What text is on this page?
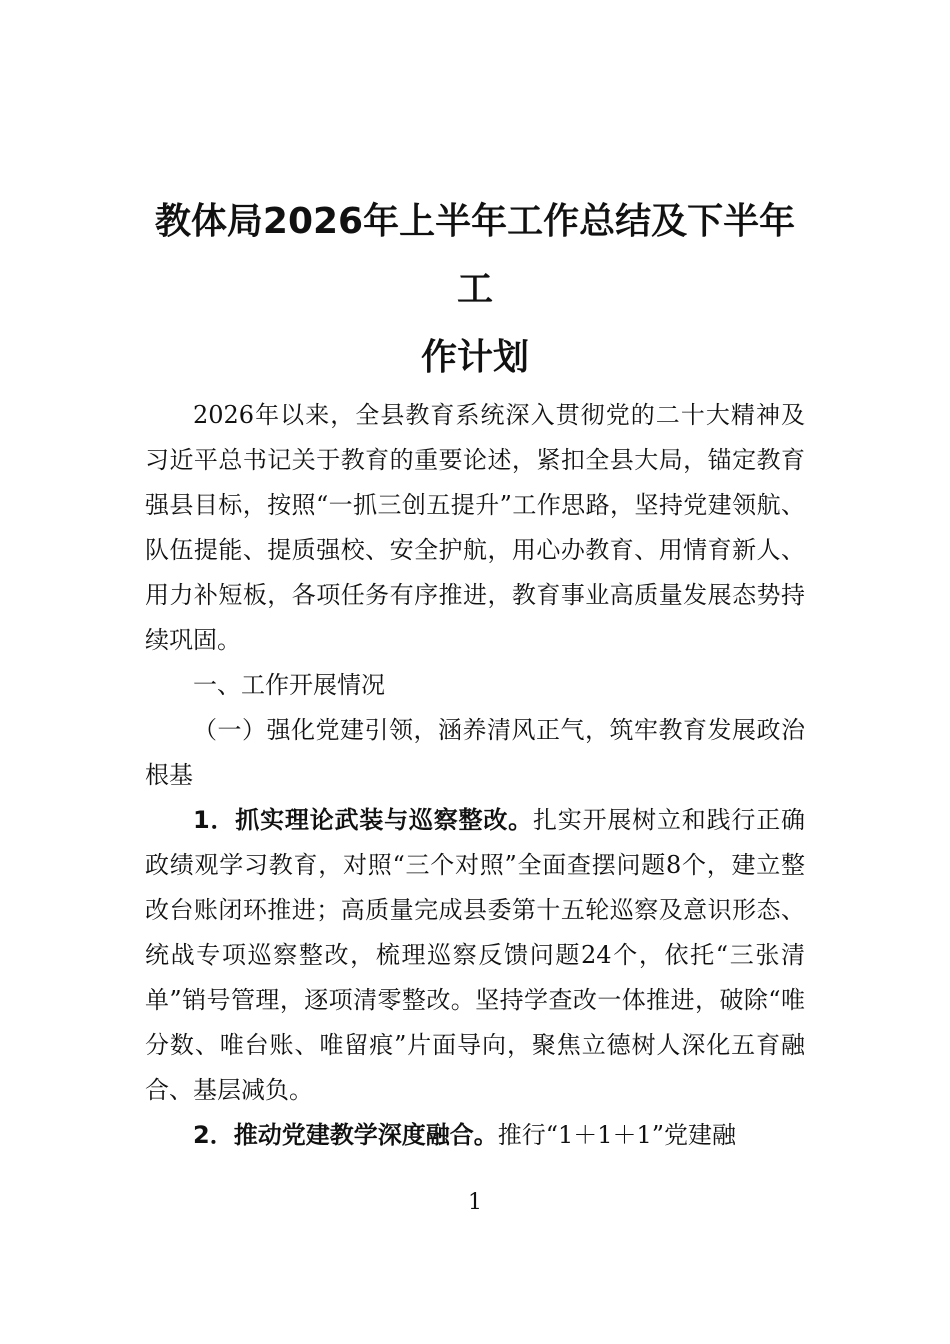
教体局2026年上半年工作总结及下半年工
作计划

2026年以来，全县教育系统深入贯彻党的二十大精神及习近平总书记关于教育的重要论述，紧扣全县大局，锚定教育强县目标，按照“一抓三创五提升”工作思路，坚持党建领航、队伍提能、提质强校、安全护航，用心办教育、用情育新人、用力补短板，各项任务有序推进，教育事业高质量发展态势持续巩固。

一、工作开展情况

（一）强化党建引领，涵养清风正气，筑牢教育发展政治根基

1．抓实理论武装与巡察整改。扎实开展树立和践行正确政绩观学习教育，对照“三个对照”全面查摆问题8个，建立整改台账闭环推进；高质量完成县委第十五轮巡察及意识形态、统战专项巡察整改，梳理巡察反馈问题24个，依托“三张清单”销号管理，逐项清零整改。坚持学查改一体推进，破除“唯分数、唯台账、唯留痕”片面导向，聚焦立德树人深化五育融合、基层减负。

2．推动党建教学深度融合。推行“1＋1＋1”党建融

1
